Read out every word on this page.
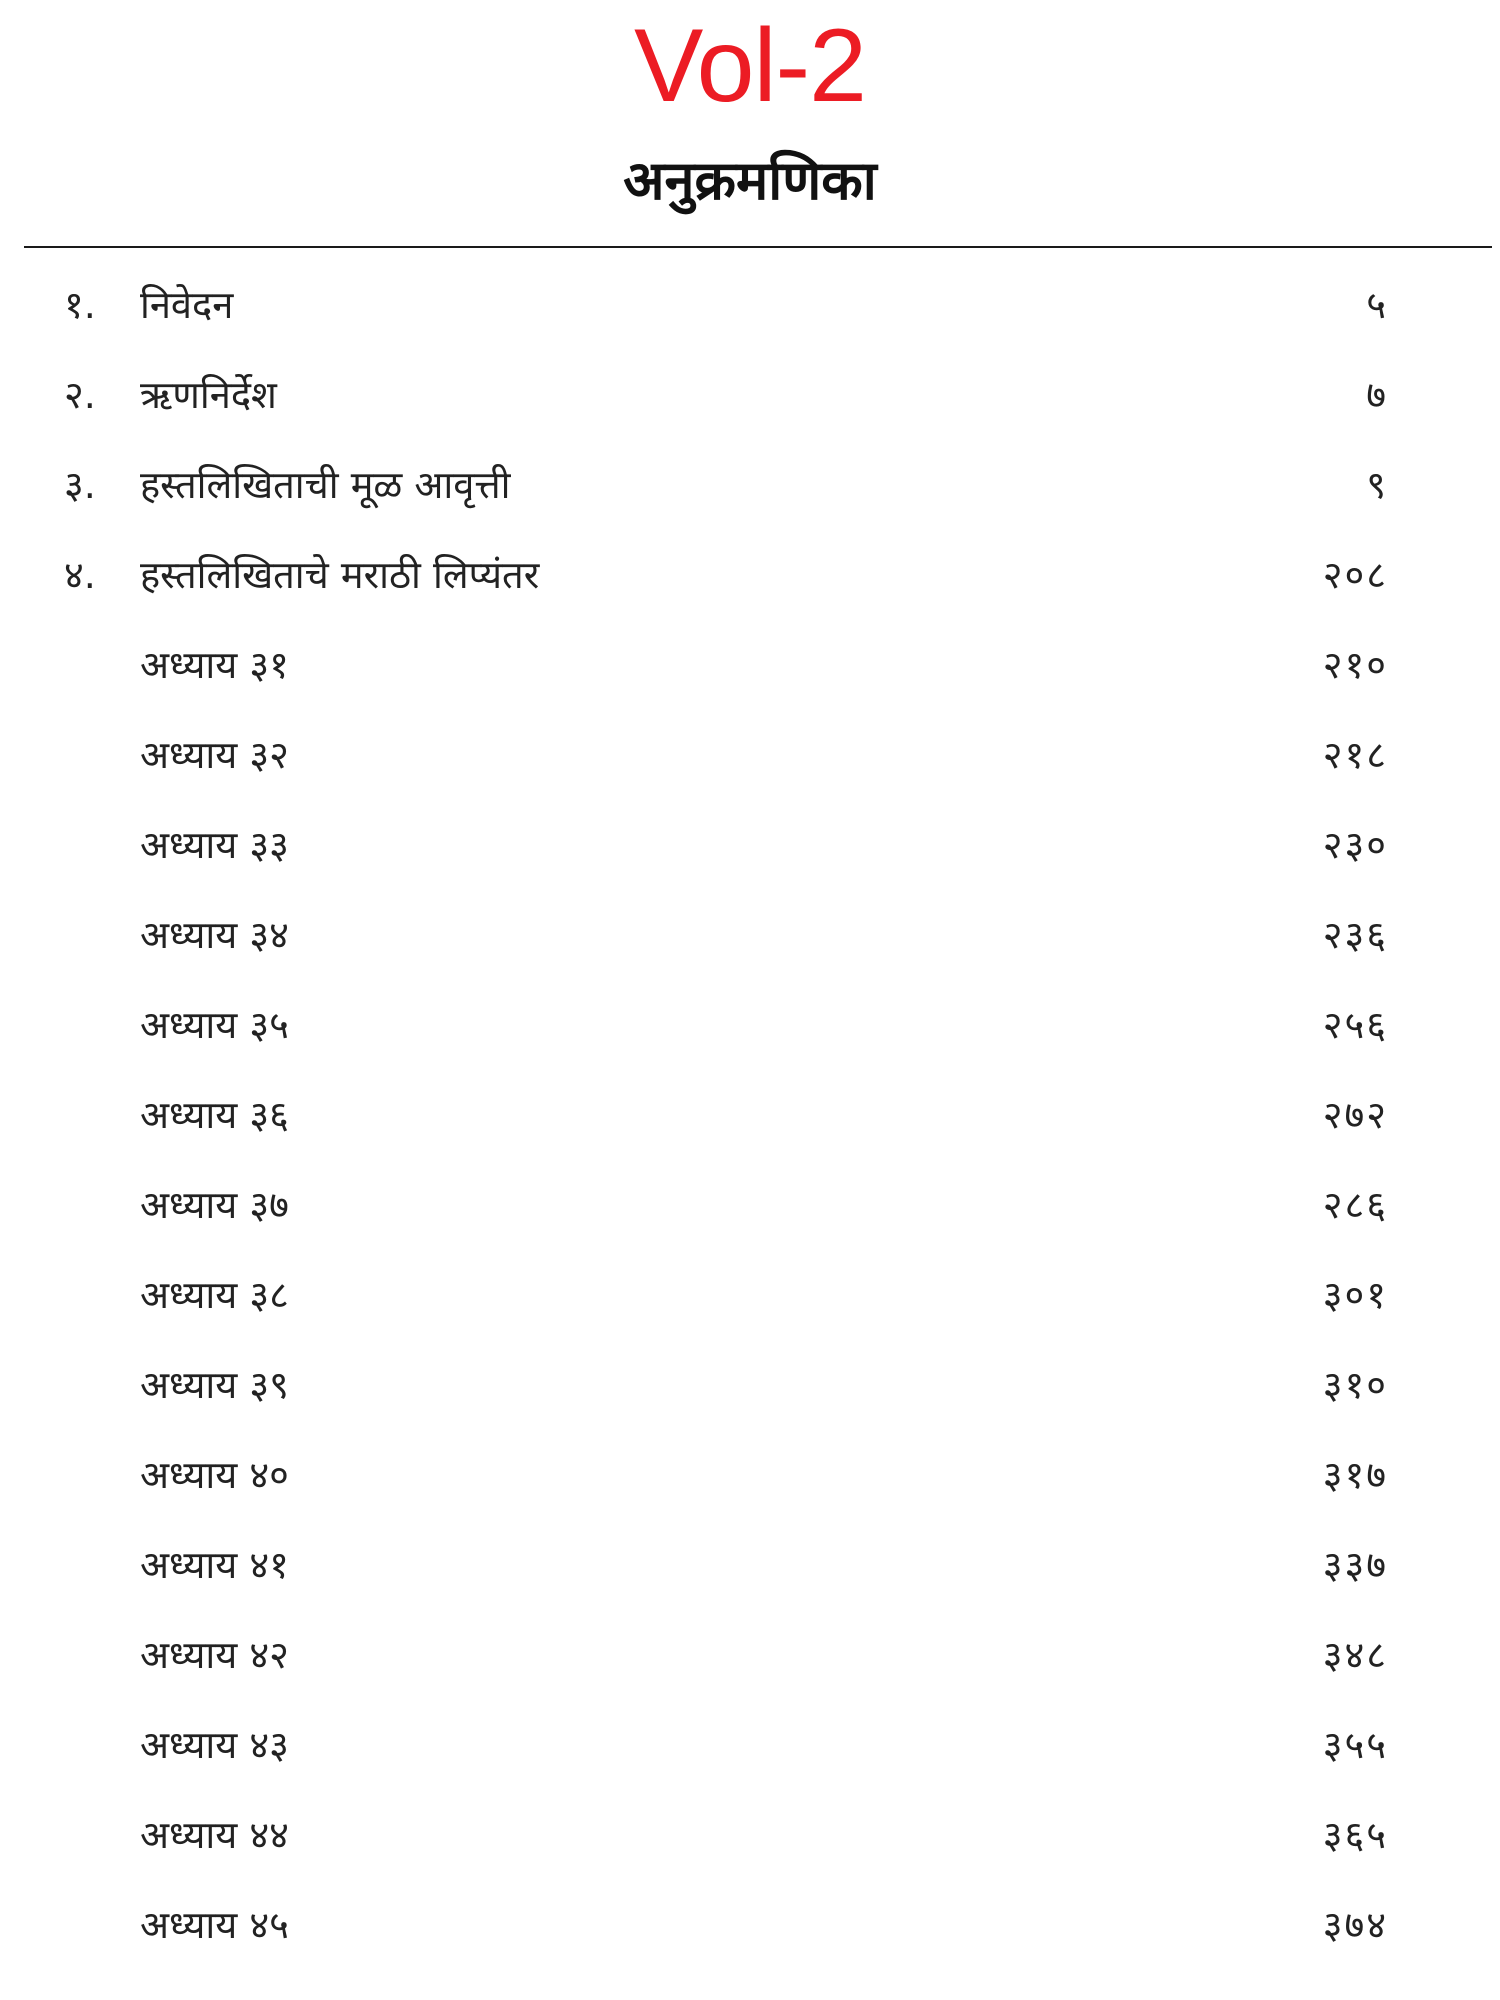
Vol-2
अनुक्रमणिका
१.	निवेदन	५
२.	ऋणनिर्देश	७
३.	हस्तलिखिताची मूळ आवृत्ती	९
४.	हस्तलिखिताचे मराठी लिप्यंतर	२०८
अध्याय ३१	२१०
अध्याय ३२	२१८
अध्याय ३३	२३०
अध्याय ३४	२३६
अध्याय ३५	२५६
अध्याय ३६	२७२
अध्याय ३७	२८६
अध्याय ३८	३०१
अध्याय ३९	३१०
अध्याय ४०	३१७
अध्याय ४१	३३७
अध्याय ४२	३४८
अध्याय ४३	३५५
अध्याय ४४	३६५
अध्याय ४५	३७४
